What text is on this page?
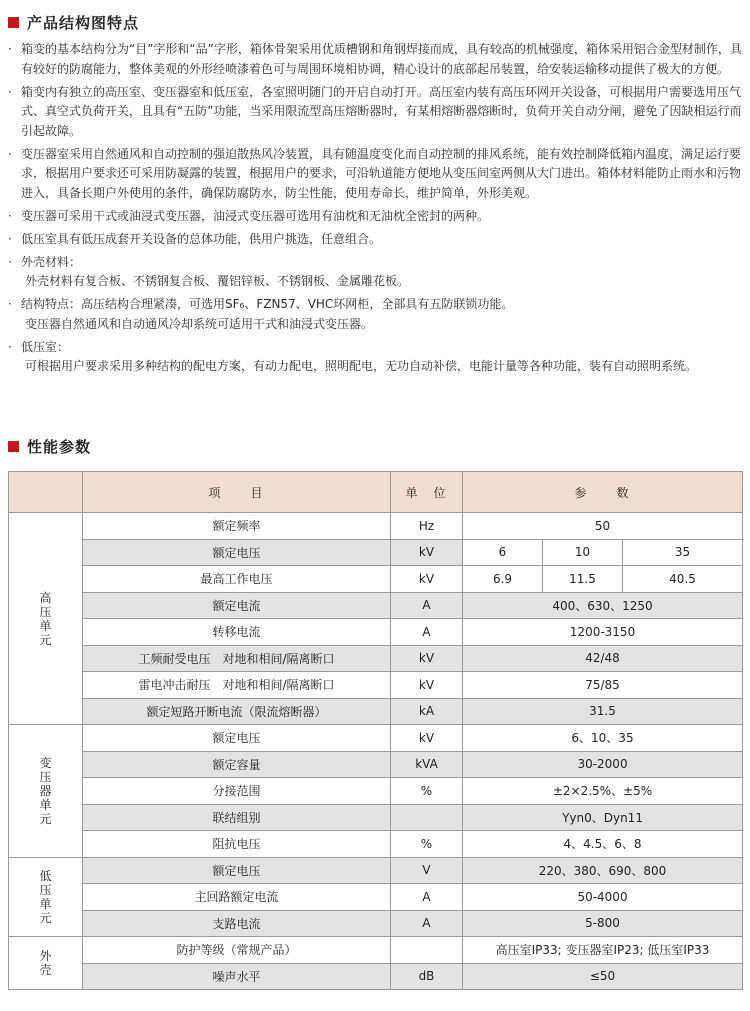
产品结构图特点
· 箱变的基本结构分为“目”字形和“品”字形，箱体骨架采用优质槽钢和角钢焊接而成，具有较高的机械强度，箱体采用铝合金型材制作，具有较好的防腐能力，整体美观的外形经喷漆着色可与周围环境相协调，精心设计的底部起吊装置，给安装运输移动提供了极大的方便。
· 箱变内有独立的高压室、变压器室和低压室，各室照明随门的开启自动打开。高压室内装有高压环网开关设备，可根据用户需要选用压气式、真空式负荷开关，且具有“五防”功能，当采用限流型高压熔断器时，有某相熔断器熔断时，负荷开关自动分闸，避免了因缺相运行而引起故障。
· 变压器室采用自然通风和自动控制的强迫散热风冷装置，具有随温度变化而自动控制的排风系统，能有效控制降低箱内温度，满足运行要求，根据用户要求还可采用防凝露的装置，根据用户的要求，可沿轨道能方便地从变压间室两侧从大门进出。箱体材料能防止雨水和污物进入，具备长期户外使用的条件，确保防腐防水，防尘性能，使用寿命长，维护简单，外形美观。
· 变压器可采用干式或油浸式变压器，油浸式变压器可选用有油枕和无油枕全密封的两种。
· 低压室具有低压成套开关设备的总体功能，供用户挑选，任意组合。
· 外壳材料：
外壳材料有复合板、不锈钢复合板、覆铝锌板、不锈钢板、金属雕花板。
· 结构特点：高压结构合理紧凑，可选用SF₆、FZN57、VHC环网柜，全部具有五防联锁功能。
变压器自然通风和自动通风冷却系统可适用干式和油浸式变压器。
· 低压室：
可根据用户要求采用多种结构的配电方案，有动力配电，照明配电，无功自动补偿，电能计量等各种功能，装有自动照明系统。
性能参数
	项　　目	单　位	参　　数		
高压单元	额定频率	Hz	50		
	额定电压	kV	6	10	35
	最高工作电压	kV	6.9	11.5	40.5
	额定电流	A	400、630、1250		
	转移电流	A	1200-3150		
	工频耐受电压　对地和相间/隔离断口	kV	42/48		
	雷电冲击耐压　对地和相间/隔离断口	kV	75/85		
	额定短路开断电流（限流熔断器）	kA	31.5		
变压器单元	额定电压	kV	6、10、35		
	额定容量	kVA	30-2000		
	分接范围	%	±2×2.5%、±5%		
	联结组别		Yyn0、Dyn11		
	阻抗电压	%	4、4.5、6、8		
低压单元	额定电压	V	220、380、690、800		
	主回路额定电流	A	50-4000		
	支路电流	A	5-800		
外壳	防护等级（常规产品）		高压室IP33; 变压器室IP23; 低压室IP33		
	噪声水平	dB	≤50		
